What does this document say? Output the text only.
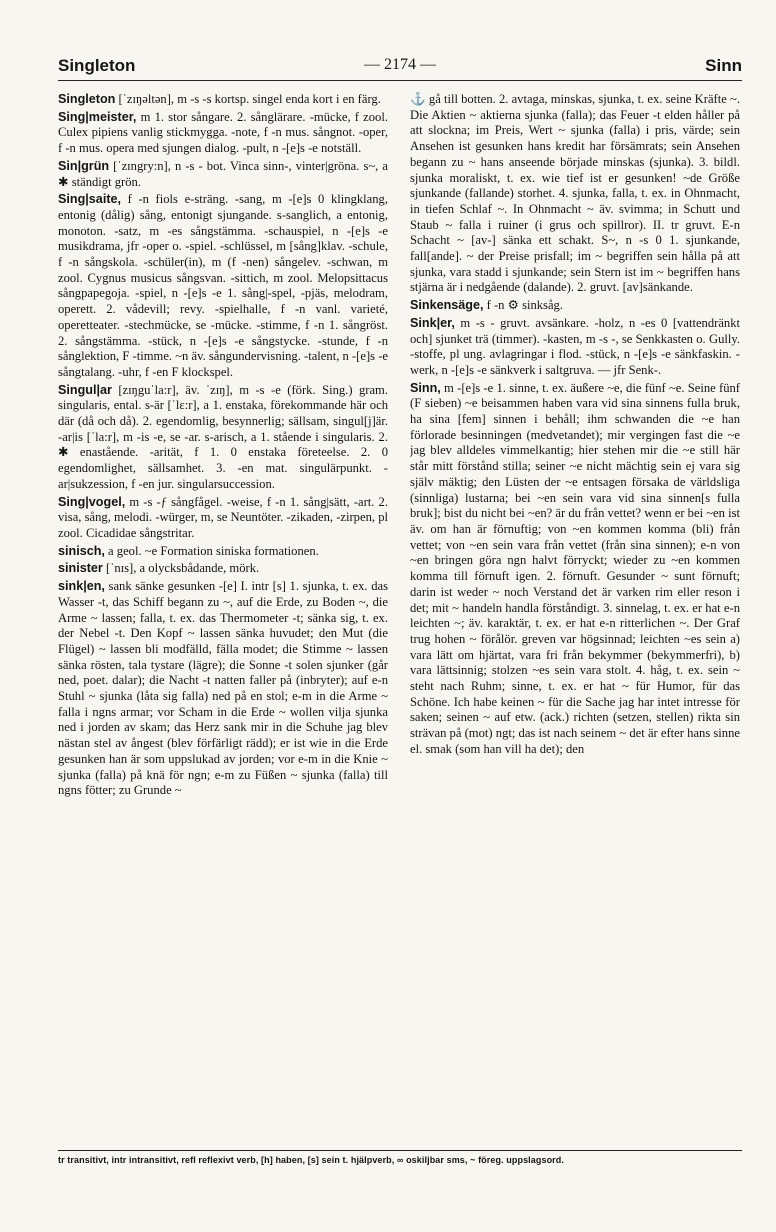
Singleton	— 2174 —	Sinn

Singleton [ˈzɪŋəltən], m -s -s kortsp. singel enda kort i en färg.

Sing|meister, m 1. stor sångare. 2. sånglärare. -mücke, f zool. Culex pipiens vanlig stickmygga. -note, f -n mus. sångnot. -oper, f -n mus. opera med sjungen dialog. -pult, n -[e]s -e notställ.

Sin|grün [ˈzɪngry:n], n -s - bot. Vinca sinn-, vinter|gröna. s~, a ✱ ständigt grön.

Sing|saite, f -n fiols e-sträng. -sang, m -[e]s 0 klingklang, entonig (dålig) sång, entonigt sjungande. s-sanglich, a entonig, monoton. -satz, m -es sångstämma. -schauspiel, n -[e]s -e musikdrama, jfr -oper o. -spiel. -schlüssel, m [sång]klav. -schule, f -n sångskola. -schüler(in), m (f -nen) sångelev. -schwan, m zool. Cygnus musicus sångsvan. -sittich, m zool. Melopsittacus sångpapegoja. -spiel, n -[e]s -e 1. sång|-spel, -pjäs, melodram, operett. 2. vådevill; revy. -spielhalle, f -n vanl. varieté, operetteater. -stechmücke, se -mücke. -stimme, f -n 1. sångröst. 2. sångstämma. -stück, n -[e]s -e sångstycke. -stunde, f -n sånglektion, F -timme. ~n äv. sångundervisning. -talent, n -[e]s -e sångtalang. -uhr, f -en F klockspel.

Singul|ar [zɪŋguˈla:r], äv. ˈzɪŋ], m -s -e (förk. Sing.) gram. singularis, ental. s-är [ˈlɛ:r], a 1. enstaka, förekommande här och där (då och då). 2. egendomlig, besynnerlig; sällsam, singul[j]är. -ar|is [ˈla:r], m -is -e, se -ar. s-arisch, a 1. stående i singularis. 2. ✱ enastående. -arität, f 1. 0 enstaka företeelse. 2. 0 egendomlighet, sällsamhet. 3. -en mat. singulärpunkt. -ar|sukzession, f -en jur. singularsuccession.

Sing|vogel, m -s -ƒ sångfågel. -weise, f -n 1. sång|sätt, -art. 2. visa, sång, melodi. -würger, m, se Neuntöter. -zikaden, -zirpen, pl zool. Cicadidae sångstritar.

sinisch, a geol. ~e Formation siniska formationen.

sinister [ˈnɪs], a olycksbådande, mörk.

sink|en, sank sänke gesunken -[e] I. intr [s] 1. sjunka, t. ex. das Wasser -t, das Schiff begann zu ~, auf die Erde, zu Boden ~, die Arme ~ lassen; falla, t. ex. das Thermometer -t; sänka sig, t. ex. der Nebel -t. Den Kopf ~ lassen sänka huvudet; den Mut (die Flügel) ~ lassen bli modfälld, fälla modet; die Stimme ~ lassen sänka rösten, tala tystare (lägre); die Sonne -t solen sjunker (går ned, poet. dalar); die Nacht -t natten faller på (inbryter); auf e-n Stuhl ~ sjunka (låta sig falla) ned på en stol; e-m in die Arme ~ falla i ngns armar; vor Scham in die Erde ~ wollen vilja sjunka ned i jorden av skam; das Herz sank mir in die Schuhe jag blev nästan stel av ångest (blev förfärligt rädd); er ist wie in die Erde gesunken han är som uppslukad av jorden; vor e-m in die Knie ~ sjunka (falla) på knä för ngn; e-m zu Füßen ~ sjunka (falla) till ngns fötter; zu Grunde ~

⚓ gå till botten. 2. avtaga, minskas, sjunka, t. ex. seine Kräfte ~. Die Aktien ~ aktierna sjunka (falla); das Feuer -t elden håller på att slockna; im Preis, Wert ~ sjunka (falla) i pris, värde; sein Ansehen ist gesunken hans kredit har försämrats; sein Ansehen begann zu ~ hans anseende började minskas (sjunka). 3. bildl. sjunka moraliskt, t. ex. wie tief ist er gesunken! ~de Größe sjunkande (fallande) storhet. 4. sjunka, falla, t. ex. in Ohnmacht, in tiefen Schlaf ~. In Ohnmacht ~ äv. svimma; in Schutt und Staub ~ falla i ruiner (i grus och spillror). II. tr gruvt. E-n Schacht ~ [av-] sänka ett schakt. S~, n -s 0 1. sjunkande, fall[ande]. ~ der Preise prisfall; im ~ begriffen sein hålla på att sjunka, vara stadd i sjunkande; sein Stern ist im ~ begriffen hans stjärna är i nedgående (dalande). 2. gruvt. [av]sänkande.

Sinkensäge, f -n ⚙ sinksåg.

Sink|er, m -s - gruvt. avsänkare. -holz, n -es 0 [vattendränkt och] sjunket trä (timmer). -kasten, m -s -, se Senkkasten o. Gully. -stoffe, pl ung. avlagringar i flod. -stück, n -[e]s -e sänkfaskin. -werk, n -[e]s -e sänkverk i saltgruva. — jfr Senk-.

Sinn, m -[e]s -e 1. sinne, t. ex. äußere ~e, die fünf ~e. Seine fünf (F sieben) ~e beisammen haben vara vid sina sinnens fulla bruk, ha sina [fem] sinnen i behåll; ihm schwanden die ~e han förlorade besinningen (medvetandet); mir vergingen fast die ~e jag blev alldeles vimmelkantig; hier stehen mir die ~e still här står mitt förstånd stilla; seiner ~e nicht mächtig sein ej vara sig själv mäktig; den Lüsten der ~e entsagen försaka de världsliga (sinnliga) lustarna; bei ~en sein vara vid sina sinnen[s fulla bruk]; bist du nicht bei ~en? är du från vettet? wenn er bei ~en ist äv. om han är förnuftig; von ~en kommen komma (bli) från vettet; von ~en sein vara från vettet (från sina sinnen); e-n von ~en bringen göra ngn halvt förryckt; wieder zu ~en kommen komma till förnuft igen. 2. förnuft. Gesunder ~ sunt förnuft; darin ist weder ~ noch Verstand det är varken rim eller reson i det; mit ~ handeln handla förståndigt. 3. sinnelag, t. ex. er hat e-n leichten ~; äv. karaktär, t. ex. er hat e-n ritterlichen ~. Der Graf trug hohen ~ förålör. greven var högsinnad; leichten ~es sein a) vara lätt om hjärtat, vara fri från bekymmer (bekymmerfri), b) vara lättsinnig; stolzen ~es sein vara stolt. 4. håg, t. ex. sein ~ steht nach Ruhm; sinne, t. ex. er hat ~ für Humor, für das Schöne. Ich habe keinen ~ für die Sache jag har intet intresse för saken; seinen ~ auf etw. (ack.) richten (setzen, stellen) rikta sin strävan på (mot) ngt; das ist nach seinem ~ det är efter hans sinne el. smak (som han vill ha det); den

tr transitivt, intr intransitivt, refl reflexivt verb, [h] haben, [s] sein t. hjälpverb, ∞ oskiljbar sms, ~ föreg. uppslagsord.
